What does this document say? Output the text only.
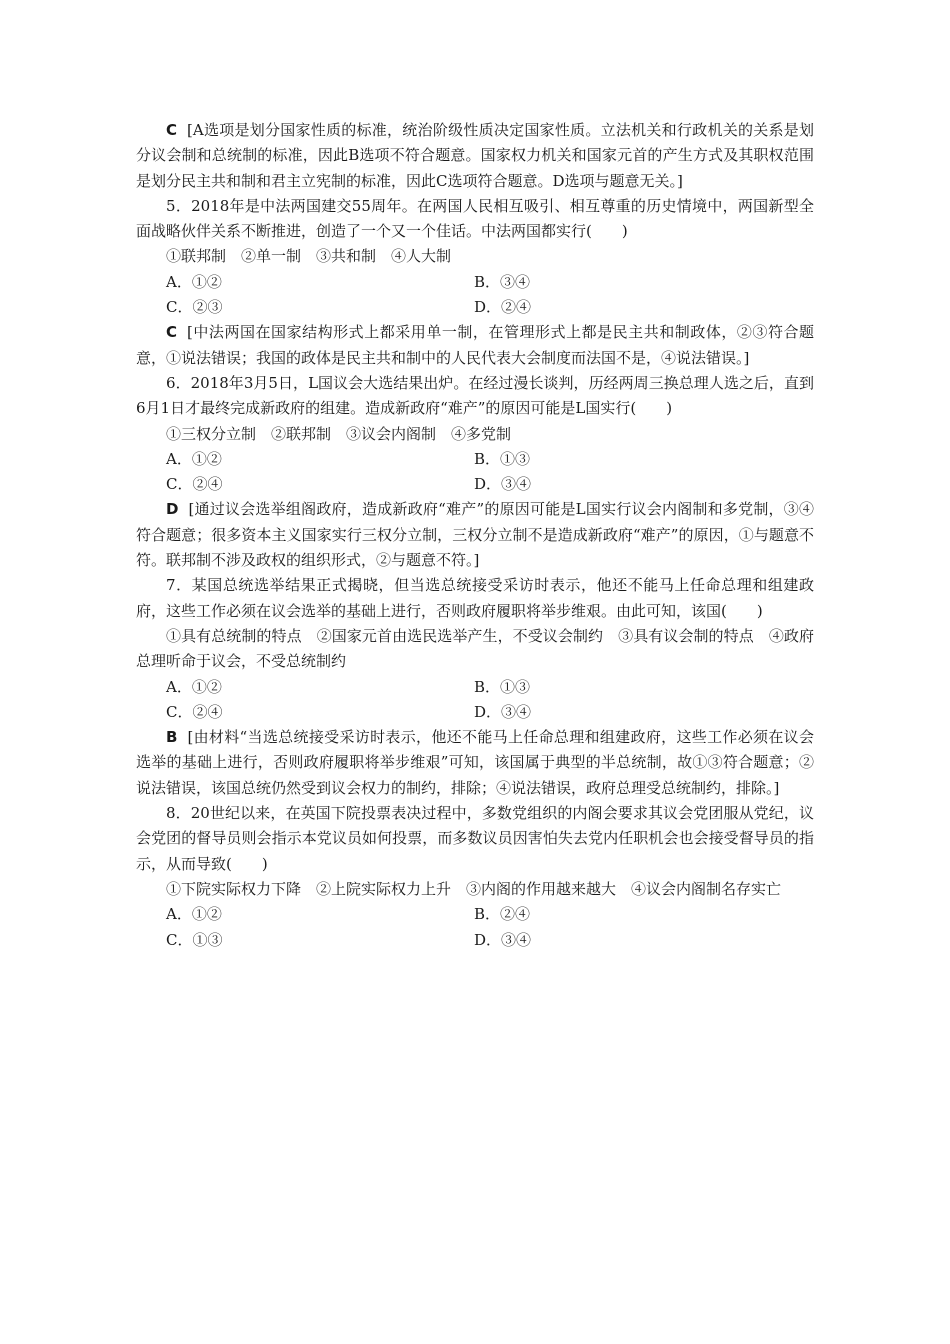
C [A选项是划分国家性质的标准，统治阶级性质决定国家性质。立法机关和行政机关的关系是划分议会制和总统制的标准，因此B选项不符合题意。国家权力机关和国家元首的产生方式及其职权范围是划分民主共和制和君主立宪制的标准，因此C选项符合题意。D选项与题意无关。]

5．2018年是中法两国建交55周年。在两国人民相互吸引、相互尊重的历史情境中，两国新型全面战略伙伴关系不断推进，创造了一个又一个佳话。中法两国都实行(　　)

①联邦制　②单一制　③共和制　④人大制

A．①②	B．③④
C．②③	D．②④

C [中法两国在国家结构形式上都采用单一制，在管理形式上都是民主共和制政体，②③符合题意，①说法错误；我国的政体是民主共和制中的人民代表大会制度而法国不是，④说法错误。]

6．2018年3月5日，L国议会大选结果出炉。在经过漫长谈判，历经两周三换总理人选之后，直到6月1日才最终完成新政府的组建。造成新政府“难产”的原因可能是L国实行(　　)

①三权分立制　②联邦制　③议会内阁制　④多党制

A．①②	B．①③
C．②④	D．③④

D [通过议会选举组阁政府，造成新政府“难产”的原因可能是L国实行议会内阁制和多党制，③④符合题意；很多资本主义国家实行三权分立制，三权分立制不是造成新政府“难产”的原因，①与题意不符。联邦制不涉及政权的组织形式，②与题意不符。]

7．某国总统选举结果正式揭晓，但当选总统接受采访时表示，他还不能马上任命总理和组建政府，这些工作必须在议会选举的基础上进行，否则政府履职将举步维艰。由此可知，该国(　　)

①具有总统制的特点　②国家元首由选民选举产生，不受议会制约　③具有议会制的特点　④政府总理听命于议会，不受总统制约

A．①②	B．①③
C．②④	D．③④

B [由材料“当选总统接受采访时表示，他还不能马上任命总理和组建政府，这些工作必须在议会选举的基础上进行，否则政府履职将举步维艰”可知，该国属于典型的半总统制，故①③符合题意；②说法错误，该国总统仍然受到议会权力的制约，排除；④说法错误，政府总理受总统制约，排除。]

8．20世纪以来，在英国下院投票表决过程中，多数党组织的内阁会要求其议会党团服从党纪，议会党团的督导员则会指示本党议员如何投票，而多数议员因害怕失去党内任职机会也会接受督导员的指示，从而导致(　　)

①下院实际权力下降　②上院实际权力上升　③内阁的作用越来越大　④议会内阁制名存实亡

A．①②	B．②④
C．①③	D．③④
